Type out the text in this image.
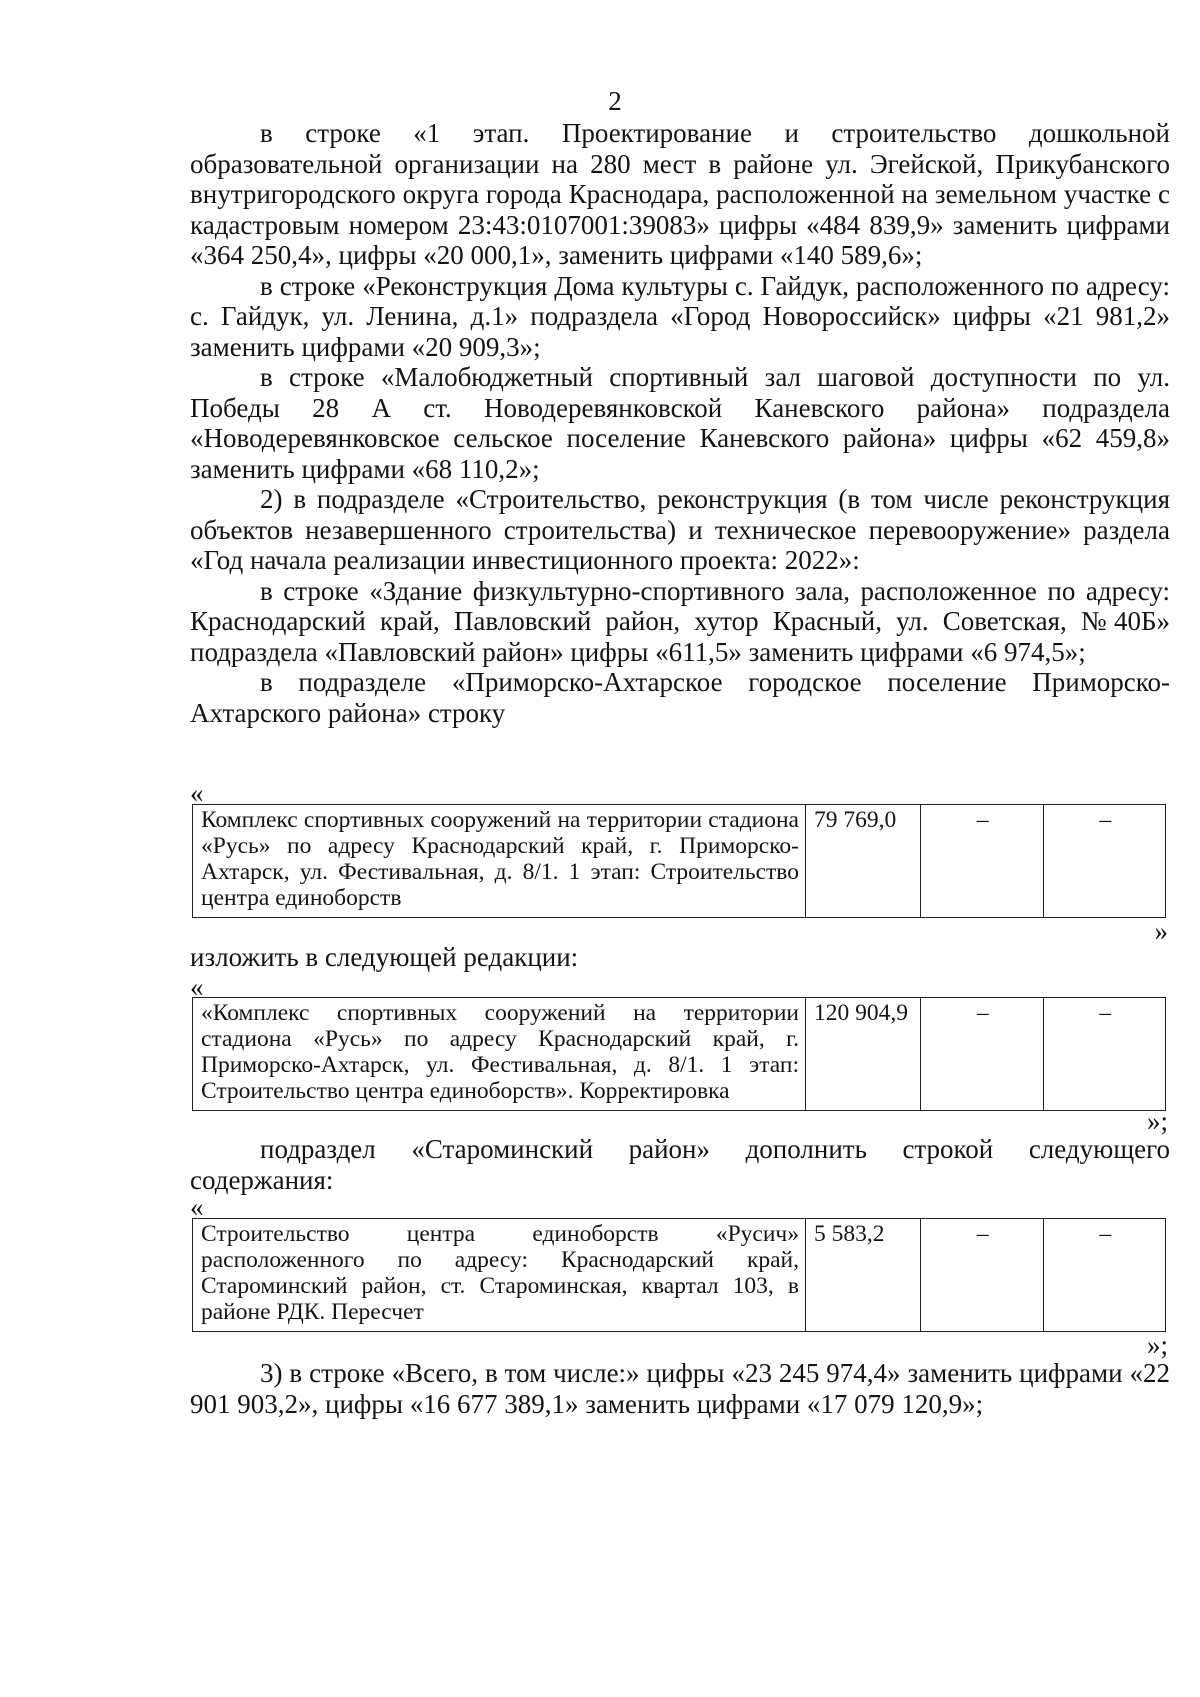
2

в строке «1 этап. Проектирование и строительство дошкольной образовательной организации на 280 мест в районе ул. Эгейской, Прикубанского внутригородского округа города Краснодара, расположенной на земельном участке с кадастровым номером 23:43:0107001:39083» цифры «484 839,9» заменить цифрами «364 250,4», цифры «20 000,1», заменить цифрами «140 589,6»;

в строке «Реконструкция Дома культуры с. Гайдук, расположенного по адресу: с. Гайдук, ул. Ленина, д.1» подраздела «Город Новороссийск» цифры «21 981,2» заменить цифрами «20 909,3»;

в строке «Малобюджетный спортивный зал шаговой доступности по ул. Победы 28 А ст. Новодеревянковской Каневского района» подраздела «Новодеревянковское сельское поселение Каневского района» цифры «62 459,8» заменить цифрами «68 110,2»;

2) в подразделе «Строительство, реконструкция (в том числе реконструкция объектов незавершенного строительства) и техническое перевооружение» раздела «Год начала реализации инвестиционного проекта: 2022»:

в строке «Здание физкультурно-спортивного зала, расположенное по адресу: Краснодарский край, Павловский район, хутор Красный, ул. Советская, №40Б» подраздела «Павловский район» цифры «611,5» заменить цифрами «6 974,5»;

в подразделе «Приморско-Ахтарское городское поселение Приморско-Ахтарского района» строку

«
Комплекс спортивных сооружений на территории стадиона «Русь» по адресу Краснодарский край, г. Приморско-Ахтарск, ул. Фестивальная, д. 8/1. 1 этап: Строительство центра единоборств	79 769,0	–	–
»
изложить в следующей редакции:
«
«Комплекс спортивных сооружений на территории стадиона «Русь» по адресу Краснодарский край, г. Приморско-Ахтарск, ул. Фестивальная, д. 8/1. 1 этап: Строительство центра единоборств». Корректировка	120 904,9	–	–
»;

подраздел «Староминский район» дополнить строкой следующего содержания:

«
Строительство центра единоборств «Русич» расположенного по адресу: Краснодарский край, Староминский район, ст. Староминская, квартал 103, в районе РДК. Пересчет	5 583,2	–	–
»;

3) в строке «Всего, в том числе:» цифры «23 245 974,4» заменить цифрами «22 901 903,2», цифры «16 677 389,1» заменить цифрами «17 079 120,9»;
